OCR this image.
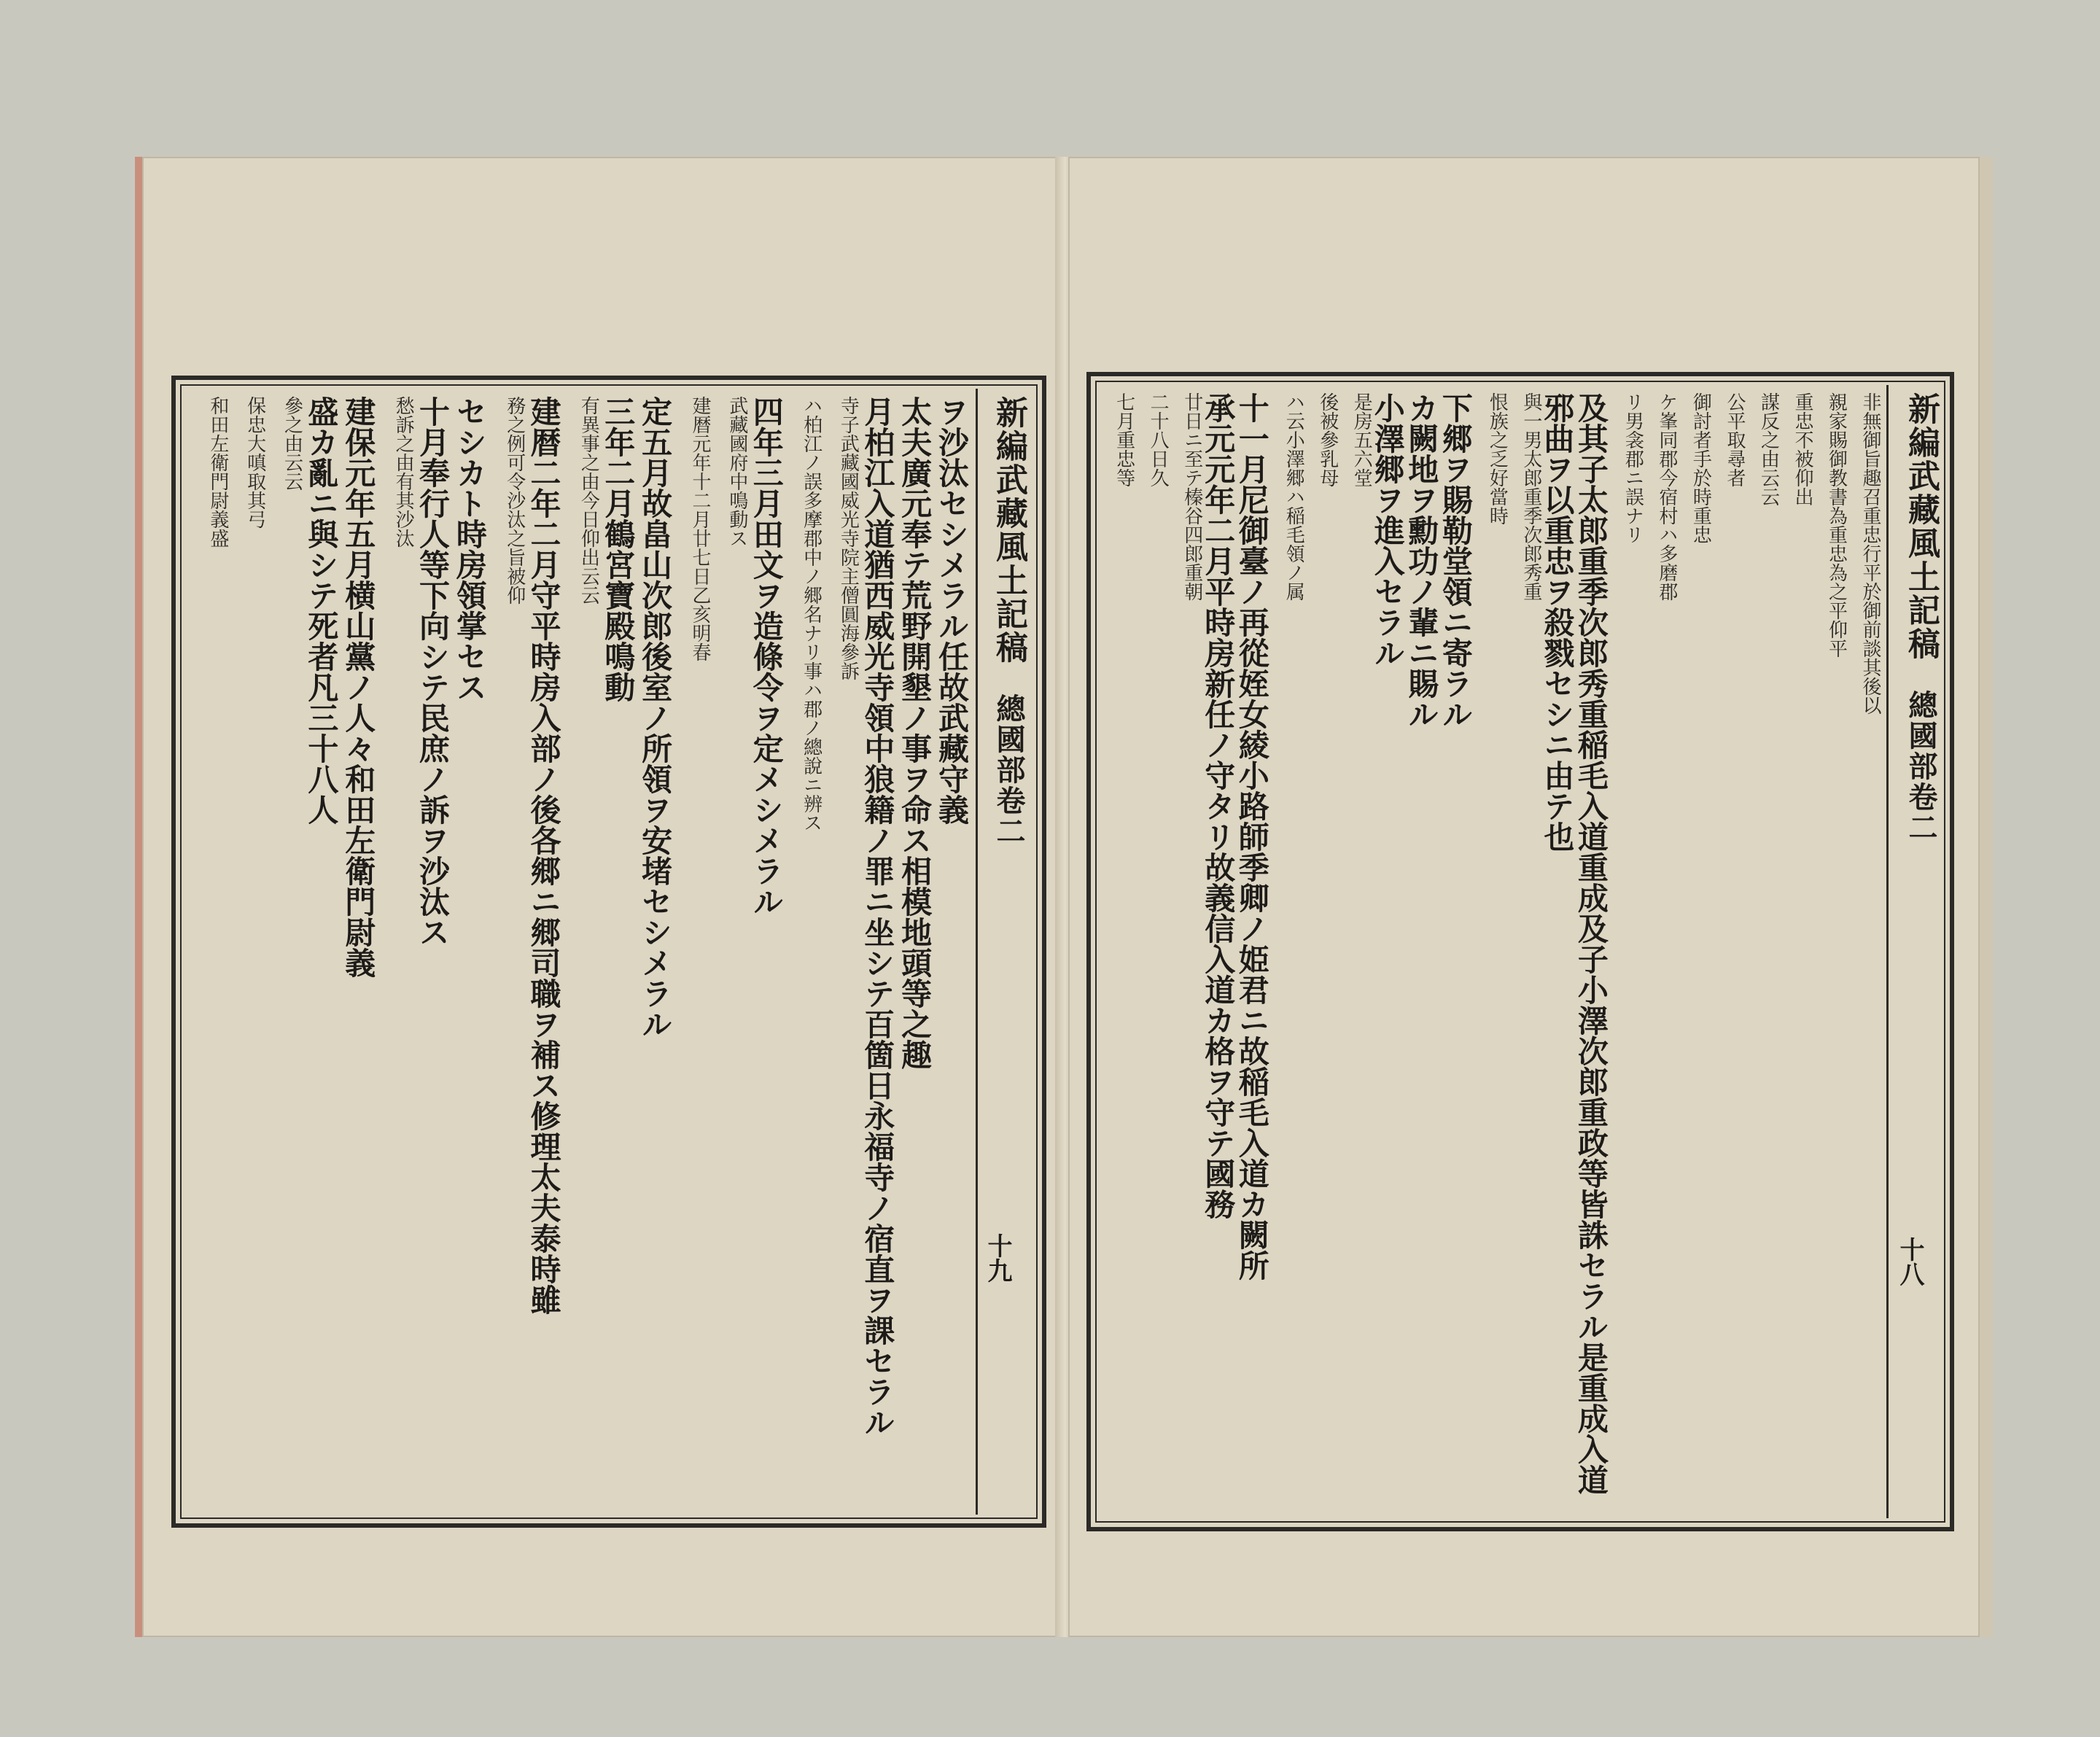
新編武藏風土記稿總國部卷二
十九
ヲ沙汰セシメラル任故武藏守義
太夫廣元奉テ荒野開墾ノ事ヲ命ス相模地頭等之趣
月柏江入道猶西威光寺領中狼籍ノ罪ニ坐シテ百箇日永福寺ノ宿直ヲ課セラル
寺子武藏國威光寺院主僧圓海參訴
ハ柏江ノ誤多摩郡中ノ郷名ナリ事ハ郡ノ總說ニ辨ス
四年三月田文ヲ造條令ヲ定メシメラル
武藏國府中鳴動ス
建暦元年十二月廿七日乙亥明春
定五月故畠山次郎後室ノ所領ヲ安堵セシメラル
三年二月鶴宮寶殿鳴動
有異事之由今日仰出云云
建暦二年二月守平時房入部ノ後各郷ニ郷司職ヲ補ス修理太夫泰時雖
務之例可令沙汰之旨被仰
セシカト時房領掌セス
十月奉行人等下向シテ民庶ノ訴ヲ沙汰ス
愁訴之由有其沙汰
建保元年五月横山黨ノ人々和田左衛門尉義
盛カ亂ニ與シテ死者凡三十八人
參之由云云
保忠大嗔取其弓
和田左衛門尉義盛	新編武藏風土記稿總國部卷二
十八
非無御旨趣召重忠行平於御前談其後以
親家賜御教書為重忠為之平仰平
重忠不被仰出
謀反之由云云
公平取尋者
御討者手於時重忠
ケ峯同郡今宿村ハ多磨郡
リ男衾郡ニ誤ナリ
及其子太郎重季次郎秀重稲毛入道重成及子小澤次郎重政等皆誅セラル是重成入道
邪曲ヲ以重忠ヲ殺戮セシニ由テ也
與一男太郎重季次郎秀重
恨族之乏好當時
下郷ヲ賜勒堂領ニ寄ラル
カ闕地ヲ勳功ノ輩ニ賜ル
小澤郷ヲ進入セラル
是房五六堂
後被參乳母
ハ云小澤郷ハ稲毛領ノ属
十一月尼御臺ノ再從姪女綾小路師季卿ノ姫君ニ故稲毛入道カ闕所
承元元年二月平時房新任ノ守タリ故義信入道カ格ヲ守テ國務
廿日ニ至テ榛谷四郎重朝
二十八日久
七月重忠等
